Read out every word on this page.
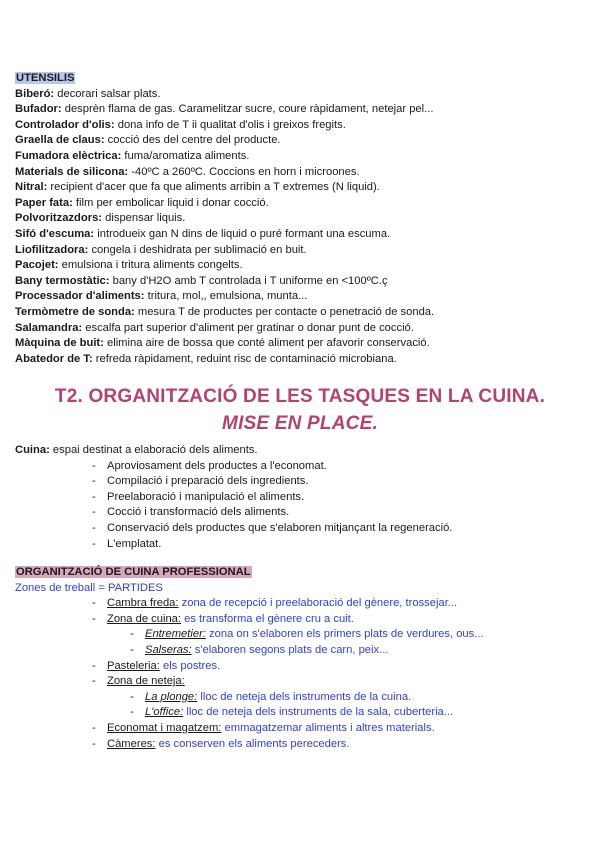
UTENSILIS
Biberó: decorari salsar plats.
Bufador: desprèn flama de gas. Caramelitzar sucre, coure ràpidament, netejar pel...
Controlador d'olis: dona info de T ii qualitat d'olis i greixos fregits.
Graella de claus: cocció des del centre del producte.
Fumadora elèctrica: fuma/aromatiza aliments.
Materials de silicona: -40ºC a 260ºC. Coccions en horn i microones.
Nitral: recipient d'acer que fa que aliments arribin a T extremes (N liquid).
Paper fata: film per embolicar liquid i donar cocció.
Polvoritzazdors: dispensar liquis.
Sifó d'escuma: introdueix gan N dins de liquid o puré formant una escuma.
Liofilitzadora: congela i deshidrata per sublimació en buit.
Pacojet: emulsiona i tritura aliments congelts.
Bany termostàtic: bany d'H2O amb T controlada i T uniforme en <100ºC.ç
Processador d'aliments: tritura, mol,, emulsiona, munta...
Termòmetre de sonda: mesura T de productes per contacte o penetració de sonda.
Salamandra: escalfa part superior d'aliment per gratinar o donar punt de cocció.
Màquina de buit: elimina aire de bossa que conté aliment per afavorir conservació.
Abatedor de T: refreda ràpidament, reduint risc de contaminació microbiana.
T2. ORGANITZACIÓ DE LES TASQUES EN LA CUINA.
MISE EN PLACE.
Cuina: espai destinat a elaboració dels aliments.
- Aproviosament dels productes a l'economat.
- Compilació i preparació dels ingredients.
- Preelaboració i manipulació el aliments.
- Cocció i transformació dels aliments.
- Conservació dels productes que s'elaboren mitjançant la regeneració.
- L'emplatat.
ORGANITZACIÓ DE CUINA PROFESSIONAL
Zones de treball = PARTIDES
- Cambra freda: zona de recepció i preelaboració del gènere, trossejar...
- Zona de cuina: es transforma el gènere cru a cuit.
- Entremetier: zona on s'elaboren els primers plats de verdures, ous...
- Salseras: s'elaboren segons plats de carn, peix...
- Pasteleria: els postres.
- Zona de neteja:
- La plonge: lloc de neteja dels instruments de la cuina.
- L'office: lloc de neteja dels instruments de la sala, cuberteria...
- Economat i magatzem: emmagatzemar aliments i altres materials.
- Càmeres: es conserven els aliments pereceders.
